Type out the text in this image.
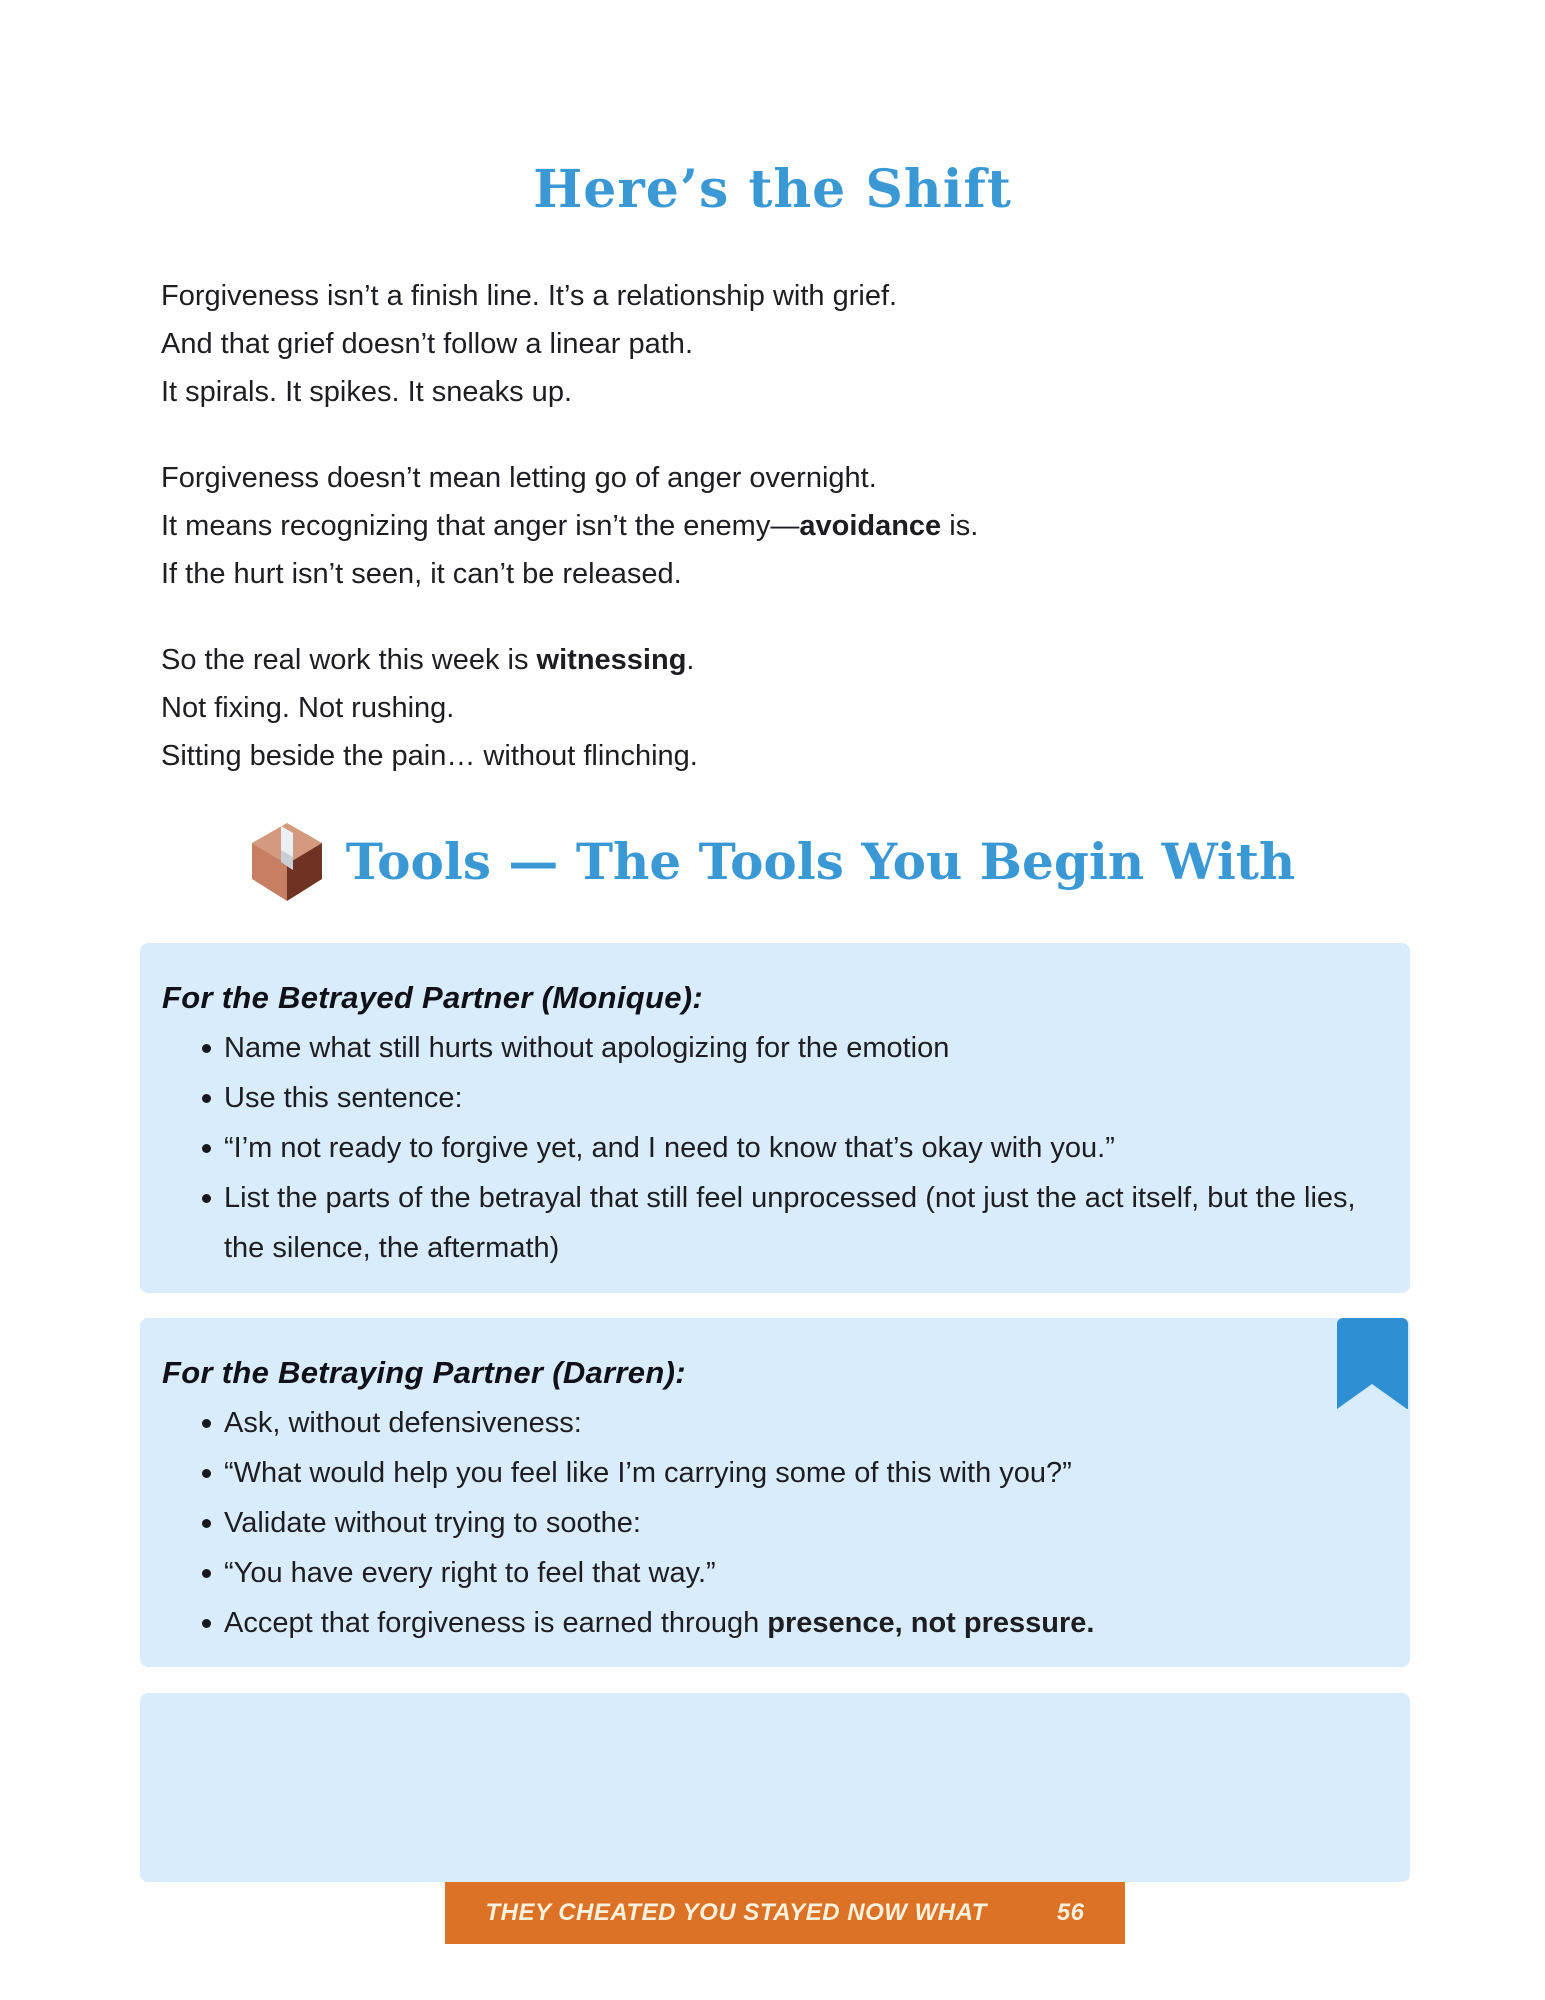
Here’s the Shift

Forgiveness isn’t a finish line. It’s a relationship with grief.
And that grief doesn’t follow a linear path.
It spirals. It spikes. It sneaks up.

Forgiveness doesn’t mean letting go of anger overnight.
It means recognizing that anger isn’t the enemy—avoidance is.
If the hurt isn’t seen, it can’t be released.

So the real work this week is witnessing.
Not fixing. Not rushing.
Sitting beside the pain… without flinching.

Tools — The Tools You Begin With
For the Betrayed Partner (Monique):
Name what still hurts without apologizing for the emotion
Use this sentence:
“I’m not ready to forgive yet, and I need to know that’s okay with you.”
List the parts of the betrayal that still feel unprocessed (not just the act itself, but the lies, the silence, the aftermath)
For the Betraying Partner (Darren):
Ask, without defensiveness:
“What would help you feel like I’m carrying some of this with you?”
Validate without trying to soothe:
“You have every right to feel that way.”
Accept that forgiveness is earned through presence, not pressure.
THEY CHEATED YOU STAYED NOW WHAT	56
